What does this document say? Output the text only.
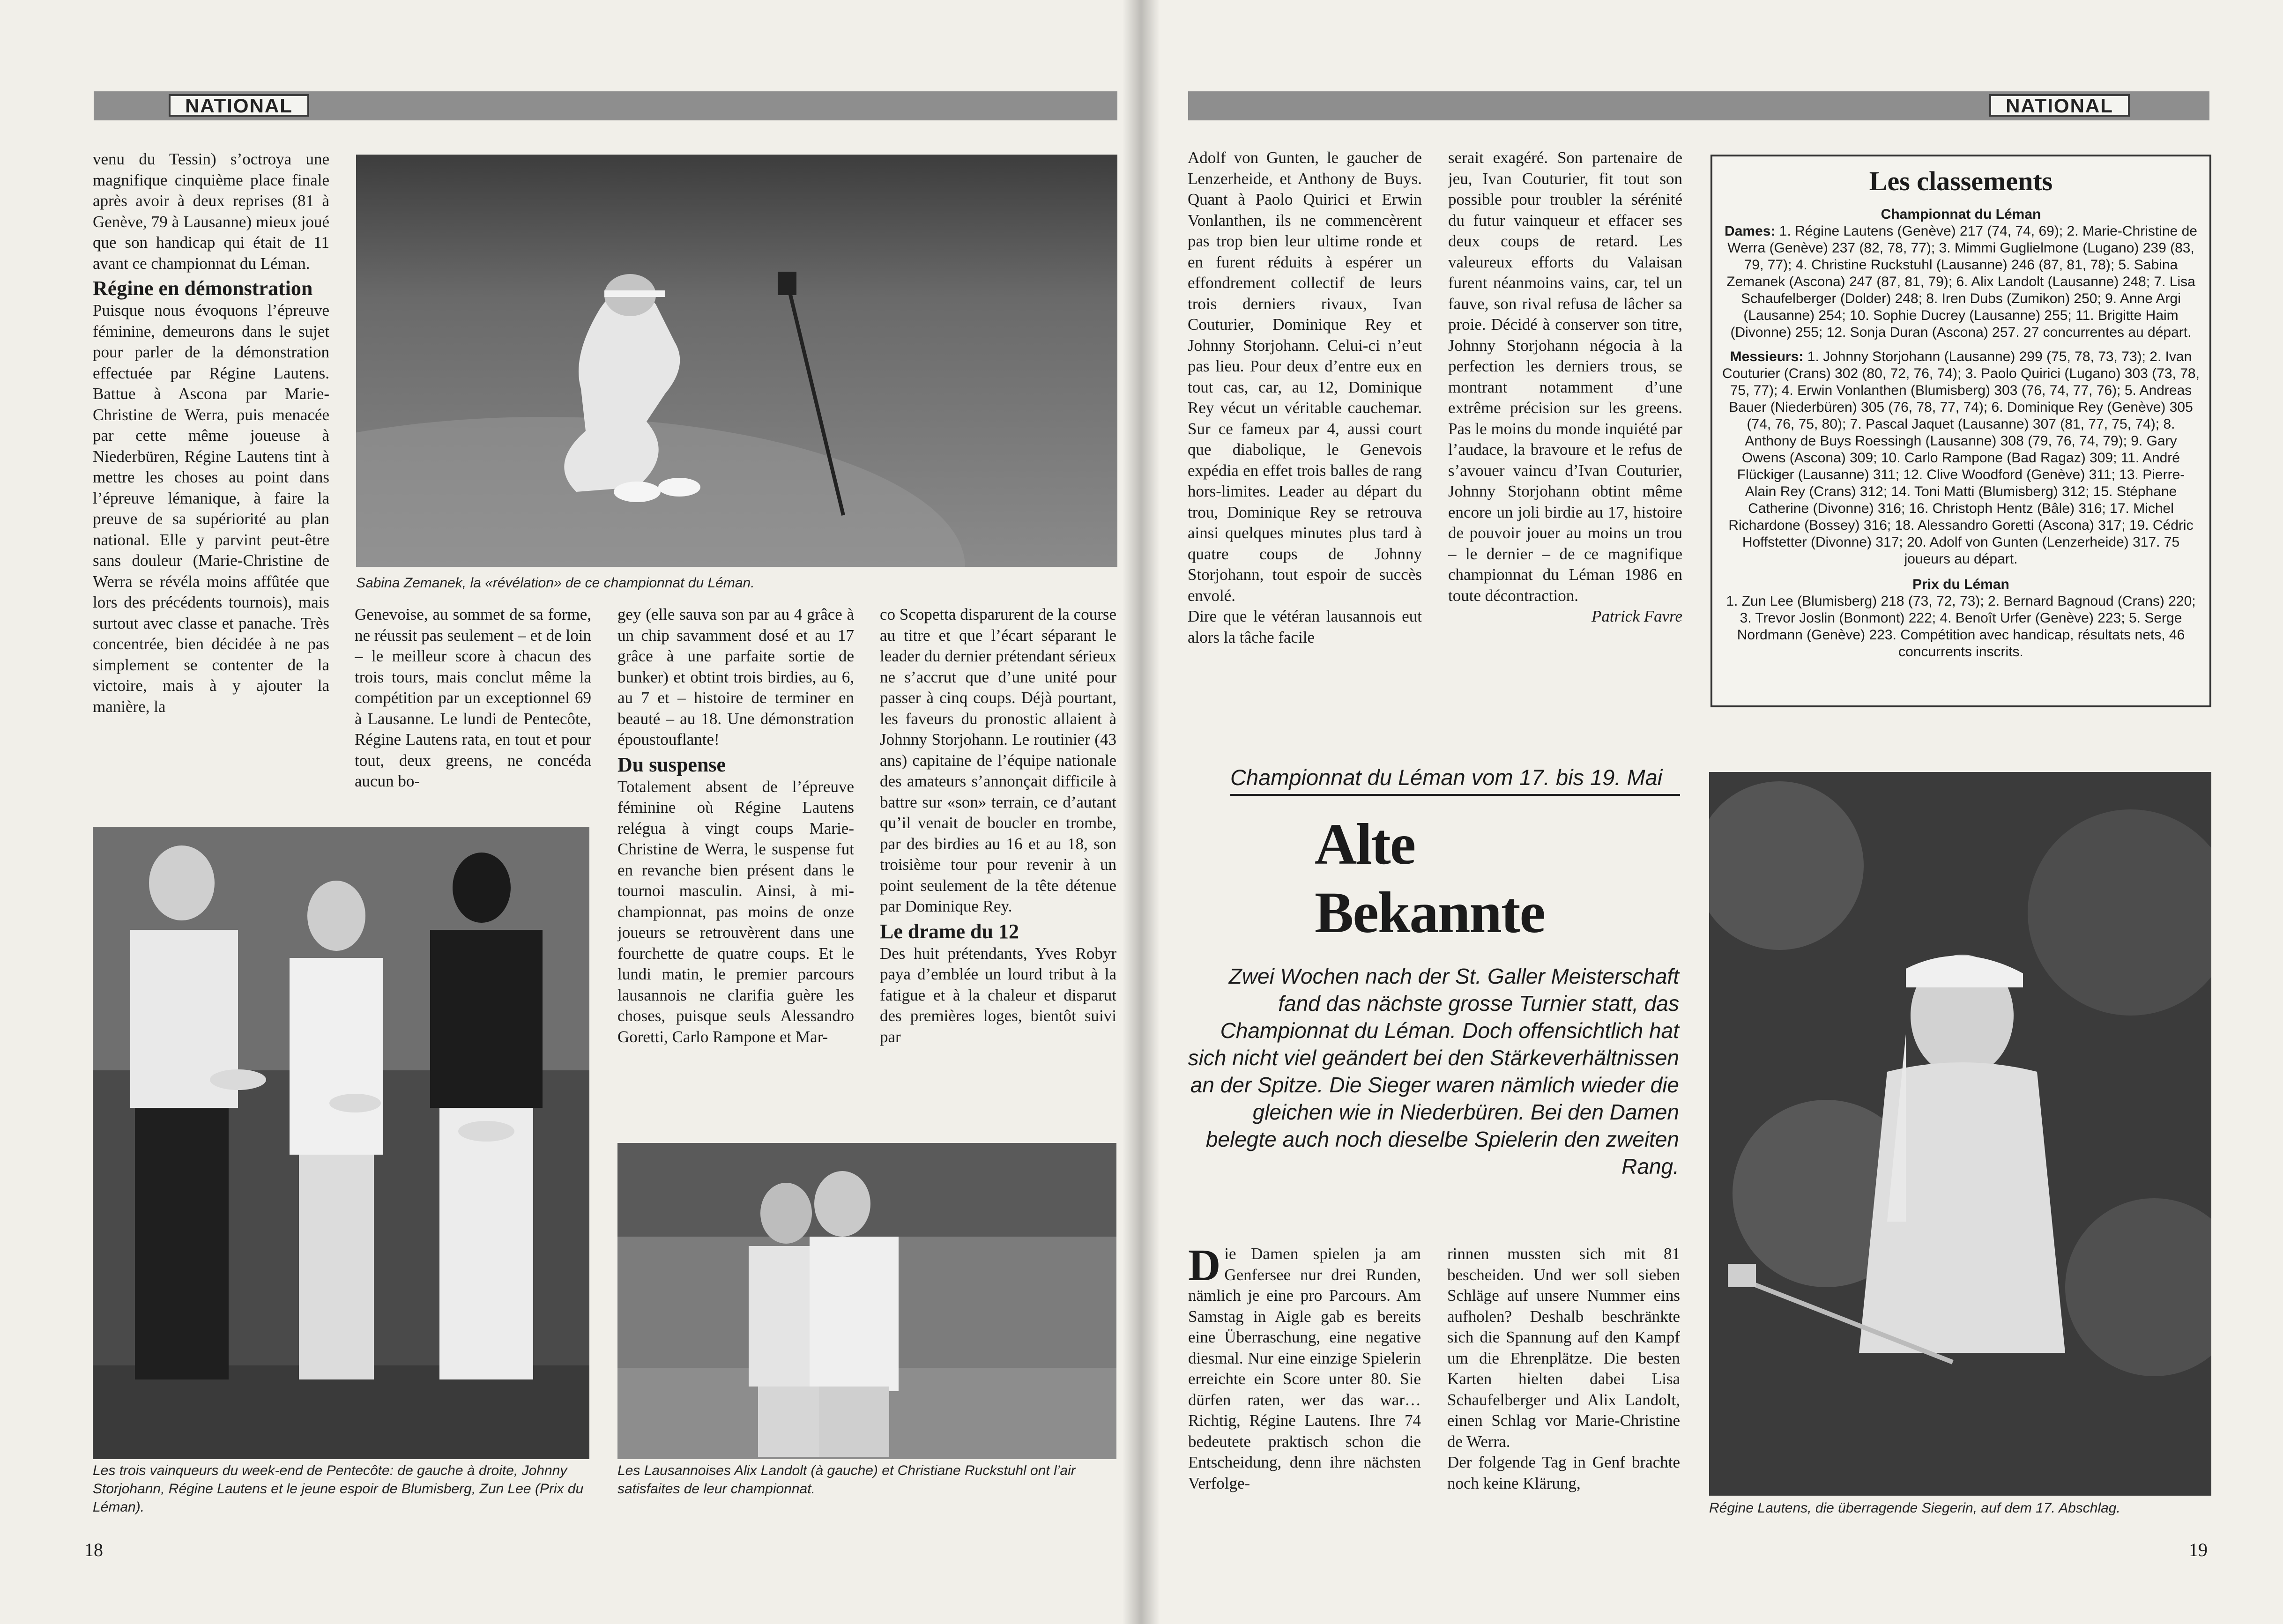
NATIONAL

venu du Tessin) s’octroya une magnifique cinquième place finale après avoir à deux reprises (81 à Genève, 79 à Lausanne) mieux joué que son handicap qui était de 11 avant ce championnat du Léman.

Régine en démonstration

Puisque nous évoquons l’épreuve féminine, demeurons dans le sujet pour parler de la démonstration effectuée par Régine Lautens. Battue à Ascona par Marie-Christine de Werra, puis menacée par cette même joueuse à Niederbüren, Régine Lautens tint à mettre les choses au point dans l’épreuve lémanique, à faire la preuve de sa supériorité au plan national. Elle y parvint peut-être sans douleur (Marie-Christine de Werra se révéla moins affûtée que lors des précédents tournois), mais surtout avec classe et panache. Très concentrée, bien décidée à ne pas simplement se contenter de la victoire, mais à y ajouter la manière, la

Sabina Zemanek, la «révélation» de ce championnat du Léman.

Genevoise, au sommet de sa forme, ne réussit pas seulement – et de loin – le meilleur score à chacun des trois tours, mais conclut même la compétition par un exceptionnel 69 à Lausanne. Le lundi de Pentecôte, Régine Lautens rata, en tout et pour tout, deux greens, ne concéda aucun bo-

gey (elle sauva son par au 4 grâce à un chip savamment dosé et au 17 grâce à une parfaite sortie de bunker) et obtint trois birdies, au 6, au 7 et – histoire de terminer en beauté – au 18. Une démonstration époustouflante!

Du suspense

Totalement absent de l’épreuve féminine où Régine Lautens relégua à vingt coups Marie-Christine de Werra, le suspense fut en revanche bien présent dans le tournoi masculin. Ainsi, à mi-championnat, pas moins de onze joueurs se retrouvèrent dans une fourchette de quatre coups. Et le lundi matin, le premier parcours lausannois ne clarifia guère les choses, puisque seuls Alessandro Goretti, Carlo Rampone et Mar-

co Scopetta disparurent de la course au titre et que l’écart séparant le leader du dernier prétendant sérieux ne s’accrut que d’une unité pour passer à cinq coups. Déjà pourtant, les faveurs du pronostic allaient à Johnny Storjohann. Le routinier (43 ans) capitaine de l’équipe nationale des amateurs s’annonçait difficile à battre sur «son» terrain, ce d’autant qu’il venait de boucler en trombe, par des birdies au 16 et au 18, son troisième tour pour revenir à un point seulement de la tête détenue par Dominique Rey.

Le drame du 12

Des huit prétendants, Yves Robyr paya d’emblée un lourd tribut à la fatigue et à la chaleur et disparut des premières loges, bientôt suivi par

Les trois vainqueurs du week-end de Pentecôte: de gauche à droite, Johnny Storjohann, Régine Lautens et le jeune espoir de Blumisberg, Zun Lee (Prix du Léman).
Les Lausannoises Alix Landolt (à gauche) et Christiane Ruckstuhl ont l’air satisfaites de leur championnat.
18
NATIONAL

Adolf von Gunten, le gaucher de Lenzerheide, et Anthony de Buys. Quant à Paolo Quirici et Erwin Vonlanthen, ils ne commencèrent pas trop bien leur ultime ronde et en furent réduits à espérer un effondrement collectif de leurs trois derniers rivaux, Ivan Couturier, Dominique Rey et Johnny Storjohann. Celui-ci n’eut pas lieu. Pour deux d’entre eux en tout cas, car, au 12, Dominique Rey vécut un véritable cauchemar. Sur ce fameux par 4, aussi court que diabolique, le Genevois expédia en effet trois balles de rang hors-limites. Leader au départ du trou, Dominique Rey se retrouva ainsi quelques minutes plus tard à quatre coups de Johnny Storjohann, tout espoir de succès envolé.

Dire que le vétéran lausannois eut alors la tâche facile

serait exagéré. Son partenaire de jeu, Ivan Couturier, fit tout son possible pour troubler la sérénité du futur vainqueur et effacer ses deux coups de retard. Les valeureux efforts du Valaisan furent néanmoins vains, car, tel un fauve, son rival refusa de lâcher sa proie. Décidé à conserver son titre, Johnny Storjohann négocia à la perfection les derniers trous, se montrant notamment d’une extrême précision sur les greens. Pas le moins du monde inquiété par l’audace, la bravoure et le refus de s’avouer vaincu d’Ivan Couturier, Johnny Storjohann obtint même encore un joli birdie au 17, histoire de pouvoir jouer au moins un trou – le dernier – de ce magnifique championnat du Léman 1986 en toute décontraction.

Patrick Favre

Les classements
Championnat du Léman
Dames: 1. Régine Lautens (Genève) 217 (74, 74, 69); 2. Marie-Christine de Werra (Genève) 237 (82, 78, 77); 3. Mimmi Guglielmone (Lugano) 239 (83, 79, 77); 4. Christine Ruckstuhl (Lausanne) 246 (87, 81, 78); 5. Sabina Zemanek (Ascona) 247 (87, 81, 79); 6. Alix Landolt (Lausanne) 248; 7. Lisa Schaufelberger (Dolder) 248; 8. Iren Dubs (Zumikon) 250; 9. Anne Argi (Lausanne) 254; 10. Sophie Ducrey (Lausanne) 255; 11. Brigitte Haim (Divonne) 255; 12. Sonja Duran (Ascona) 257. 27 concurrentes au départ.
Messieurs: 1. Johnny Storjohann (Lausanne) 299 (75, 78, 73, 73); 2. Ivan Couturier (Crans) 302 (80, 72, 76, 74); 3. Paolo Quirici (Lugano) 303 (73, 78, 75, 77); 4. Erwin Vonlanthen (Blumisberg) 303 (76, 74, 77, 76); 5. Andreas Bauer (Niederbüren) 305 (76, 78, 77, 74); 6. Dominique Rey (Genève) 305 (74, 76, 75, 80); 7. Pascal Jaquet (Lausanne) 307 (81, 77, 75, 74); 8. Anthony de Buys Roessingh (Lausanne) 308 (79, 76, 74, 79); 9. Gary Owens (Ascona) 309; 10. Carlo Rampone (Bad Ragaz) 309; 11. André Flückiger (Lausanne) 311; 12. Clive Woodford (Genève) 311; 13. Pierre-Alain Rey (Crans) 312; 14. Toni Matti (Blumisberg) 312; 15. Stéphane Catherine (Divonne) 316; 16. Christoph Hentz (Bâle) 316; 17. Michel Richardone (Bossey) 316; 18. Alessandro Goretti (Ascona) 317; 19. Cédric Hoffstetter (Divonne) 317; 20. Adolf von Gunten (Lenzerheide) 317. 75 joueurs au départ.
Prix du Léman
1. Zun Lee (Blumisberg) 218 (73, 72, 73); 2. Bernard Bagnoud (Crans) 220; 3. Trevor Joslin (Bonmont) 222; 4. Benoît Urfer (Genève) 223; 5. Serge Nordmann (Genève) 223. Compétition avec handicap, résultats nets, 46 concurrents inscrits.
Championnat du Léman vom 17. bis 19. Mai
Alte
Bekannte
Zwei Wochen nach der St. Galler Meisterschaft fand das nächste grosse Turnier statt, das Championnat du Léman. Doch offensichtlich hat sich nicht viel geändert bei den Stärkeverhältnissen an der Spitze. Die Sieger waren nämlich wieder die gleichen wie in Niederbüren. Bei den Damen belegte auch noch dieselbe Spielerin den zweiten Rang.

Die Damen spielen ja am Genfersee nur drei Runden, nämlich je eine pro Parcours. Am Samstag in Aigle gab es bereits eine Überraschung, eine negative diesmal. Nur eine einzige Spielerin erreichte ein Score unter 80. Sie dürfen raten, wer das war… Richtig, Régine Lautens. Ihre 74 bedeutete praktisch schon die Entscheidung, denn ihre nächsten Verfolge-

rinnen mussten sich mit 81 bescheiden. Und wer soll sieben Schläge auf unsere Nummer eins aufholen? Deshalb beschränkte sich die Spannung auf den Kampf um die Ehrenplätze. Die besten Karten hielten dabei Lisa Schaufelberger und Alix Landolt, einen Schlag vor Marie-Christine de Werra.

Der folgende Tag in Genf brachte noch keine Klärung,

Régine Lautens, die überragende Siegerin, auf dem 17. Abschlag.
19
